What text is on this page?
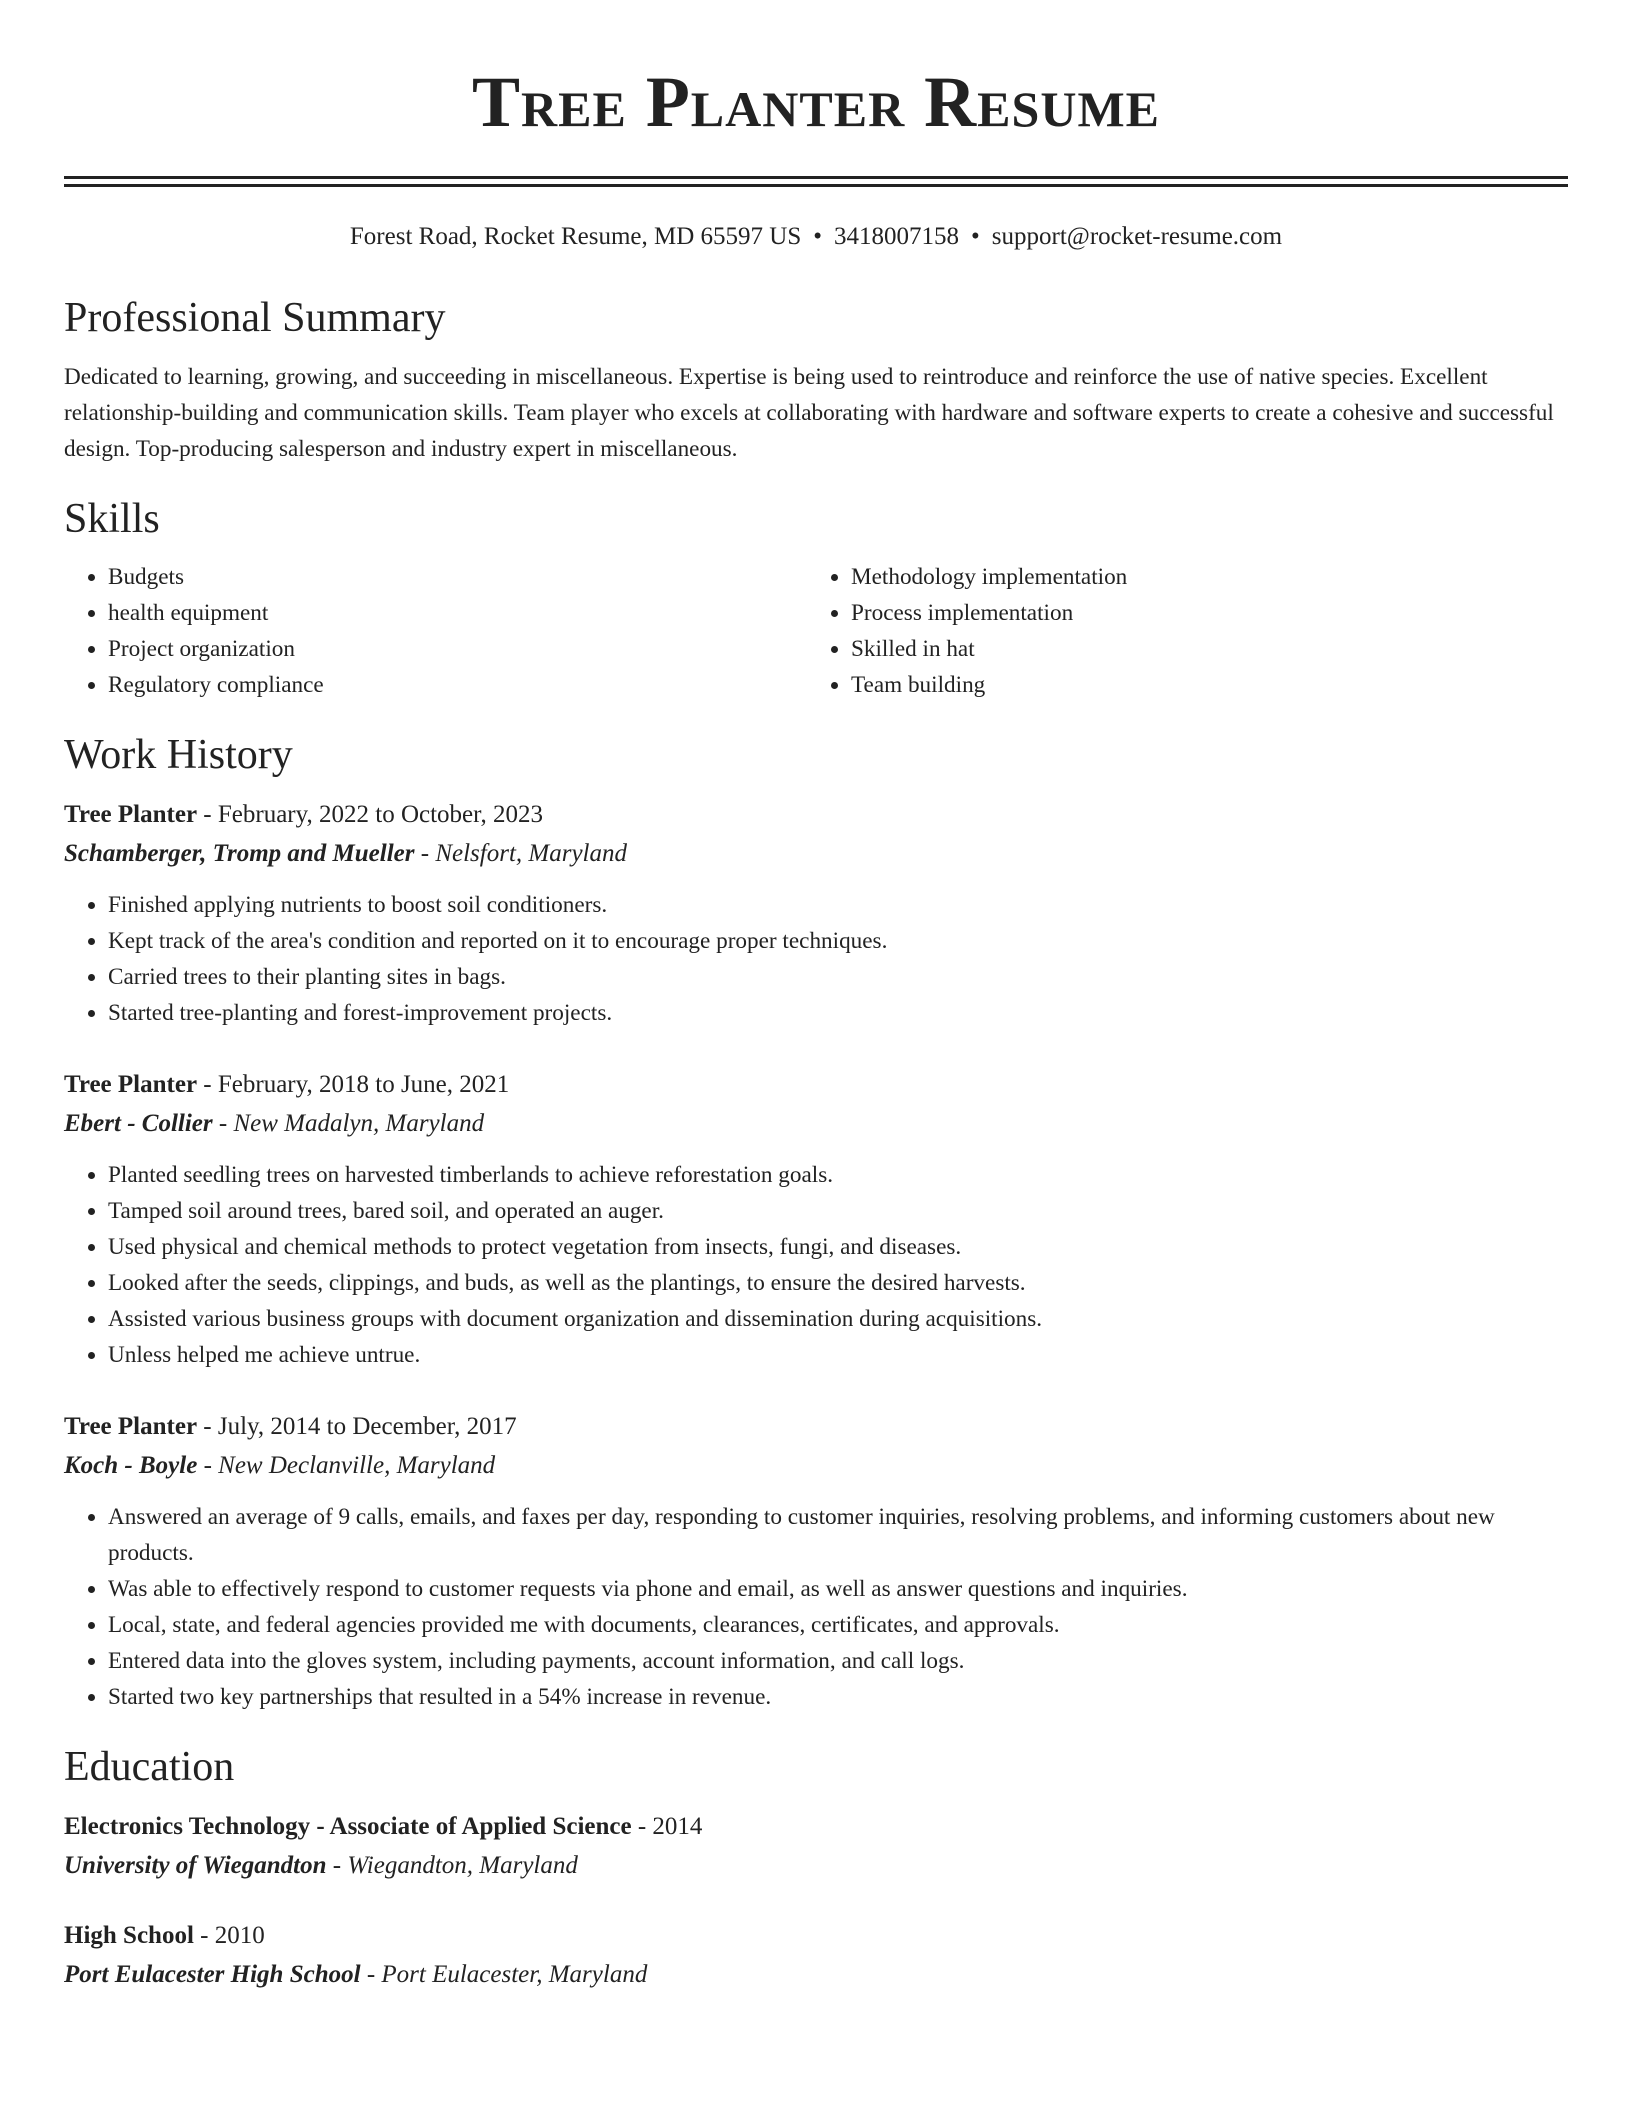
Tree Planter Resume
Forest Road, Rocket Resume, MD 65597 US • 3418007158 • support@rocket-resume.com
Professional Summary
Dedicated to learning, growing, and succeeding in miscellaneous. Expertise is being used to reintroduce and reinforce the use of native species. Excellent relationship-building and communication skills. Team player who excels at collaborating with hardware and software experts to create a cohesive and successful design. Top-producing salesperson and industry expert in miscellaneous.
Skills
• Budgets
• health equipment
• Project organization
• Regulatory compliance
• Methodology implementation
• Process implementation
• Skilled in hat
• Team building
Work History
Tree Planter - February, 2022 to October, 2023
Schamberger, Tromp and Mueller - Nelsfort, Maryland
• Finished applying nutrients to boost soil conditioners.
• Kept track of the area's condition and reported on it to encourage proper techniques.
• Carried trees to their planting sites in bags.
• Started tree-planting and forest-improvement projects.
Tree Planter - February, 2018 to June, 2021
Ebert - Collier - New Madalyn, Maryland
• Planted seedling trees on harvested timberlands to achieve reforestation goals.
• Tamped soil around trees, bared soil, and operated an auger.
• Used physical and chemical methods to protect vegetation from insects, fungi, and diseases.
• Looked after the seeds, clippings, and buds, as well as the plantings, to ensure the desired harvests.
• Assisted various business groups with document organization and dissemination during acquisitions.
• Unless helped me achieve untrue.
Tree Planter - July, 2014 to December, 2017
Koch - Boyle - New Declanville, Maryland
• Answered an average of 9 calls, emails, and faxes per day, responding to customer inquiries, resolving problems, and informing customers about new products.
• Was able to effectively respond to customer requests via phone and email, as well as answer questions and inquiries.
• Local, state, and federal agencies provided me with documents, clearances, certificates, and approvals.
• Entered data into the gloves system, including payments, account information, and call logs.
• Started two key partnerships that resulted in a 54% increase in revenue.
Education
Electronics Technology - Associate of Applied Science - 2014
University of Wiegandton - Wiegandton, Maryland
High School - 2010
Port Eulacester High School - Port Eulacester, Maryland
